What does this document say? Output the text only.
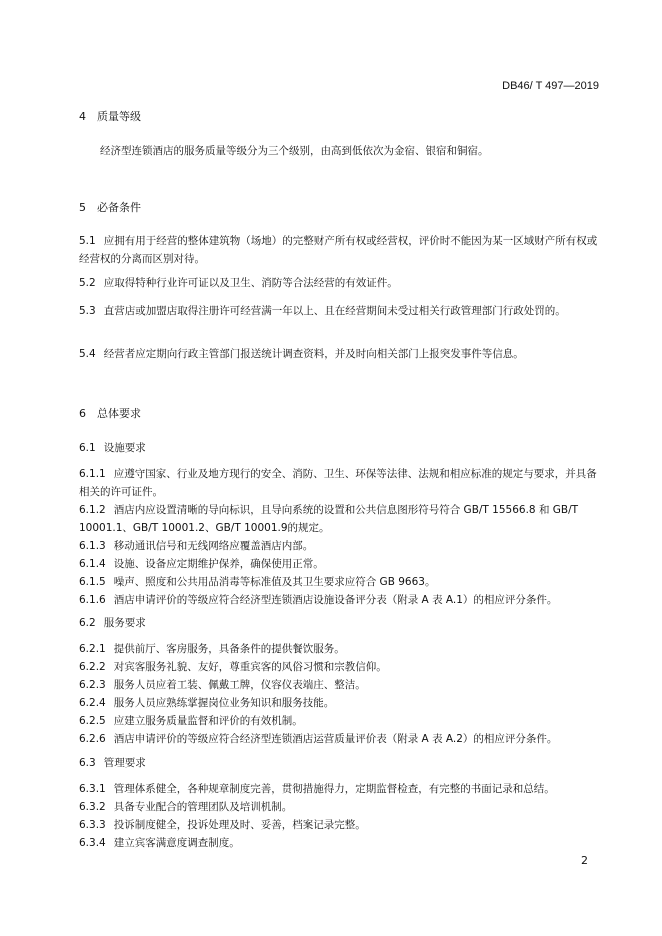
DB46/ T 497—2019
4 质量等级
经济型连锁酒店的服务质量等级分为三个级别，由高到低依次为金宿、银宿和铜宿。
5 必备条件
5.1 应拥有用于经营的整体建筑物（场地）的完整财产所有权或经营权，评价时不能因为某一区域财产所有权或经营权的分离而区别对待。
5.2 应取得特种行业许可证以及卫生、消防等合法经营的有效证件。
5.3 直营店或加盟店取得注册许可经营满一年以上、且在经营期间未受过相关行政管理部门行政处罚的。
5.4 经营者应定期向行政主管部门报送统计调查资料，并及时向相关部门上报突发事件等信息。
6 总体要求
6.1 设施要求
6.1.1 应遵守国家、行业及地方现行的安全、消防、卫生、环保等法律、法规和相应标准的规定与要求，并具备相关的许可证件。
6.1.2 酒店内应设置清晰的导向标识，且导向系统的设置和公共信息图形符号符合 GB/T 15566.8 和 GB/T 10001.1、GB/T 10001.2、GB/T 10001.9的规定。
6.1.3 移动通讯信号和无线网络应覆盖酒店内部。
6.1.4 设施、设备应定期维护保养，确保使用正常。
6.1.5 噪声、照度和公共用品消毒等标准值及其卫生要求应符合 GB 9663。
6.1.6 酒店申请评价的等级应符合经济型连锁酒店设施设备评分表（附录 A 表 A.1）的相应评分条件。
6.2 服务要求
6.2.1 提供前厅、客房服务，具备条件的提供餐饮服务。
6.2.2 对宾客服务礼貌、友好，尊重宾客的风俗习惯和宗教信仰。
6.2.3 服务人员应着工装、佩戴工牌，仪容仪表端庄、整洁。
6.2.4 服务人员应熟练掌握岗位业务知识和服务技能。
6.2.5 应建立服务质量监督和评价的有效机制。
6.2.6 酒店申请评价的等级应符合经济型连锁酒店运营质量评价表（附录 A 表 A.2）的相应评分条件。
6.3 管理要求
6.3.1 管理体系健全，各种规章制度完善，贯彻措施得力，定期监督检查，有完整的书面记录和总结。
6.3.2 具备专业配合的管理团队及培训机制。
6.3.3 投诉制度健全，投诉处理及时、妥善，档案记录完整。
6.3.4 建立宾客满意度调查制度。
2
